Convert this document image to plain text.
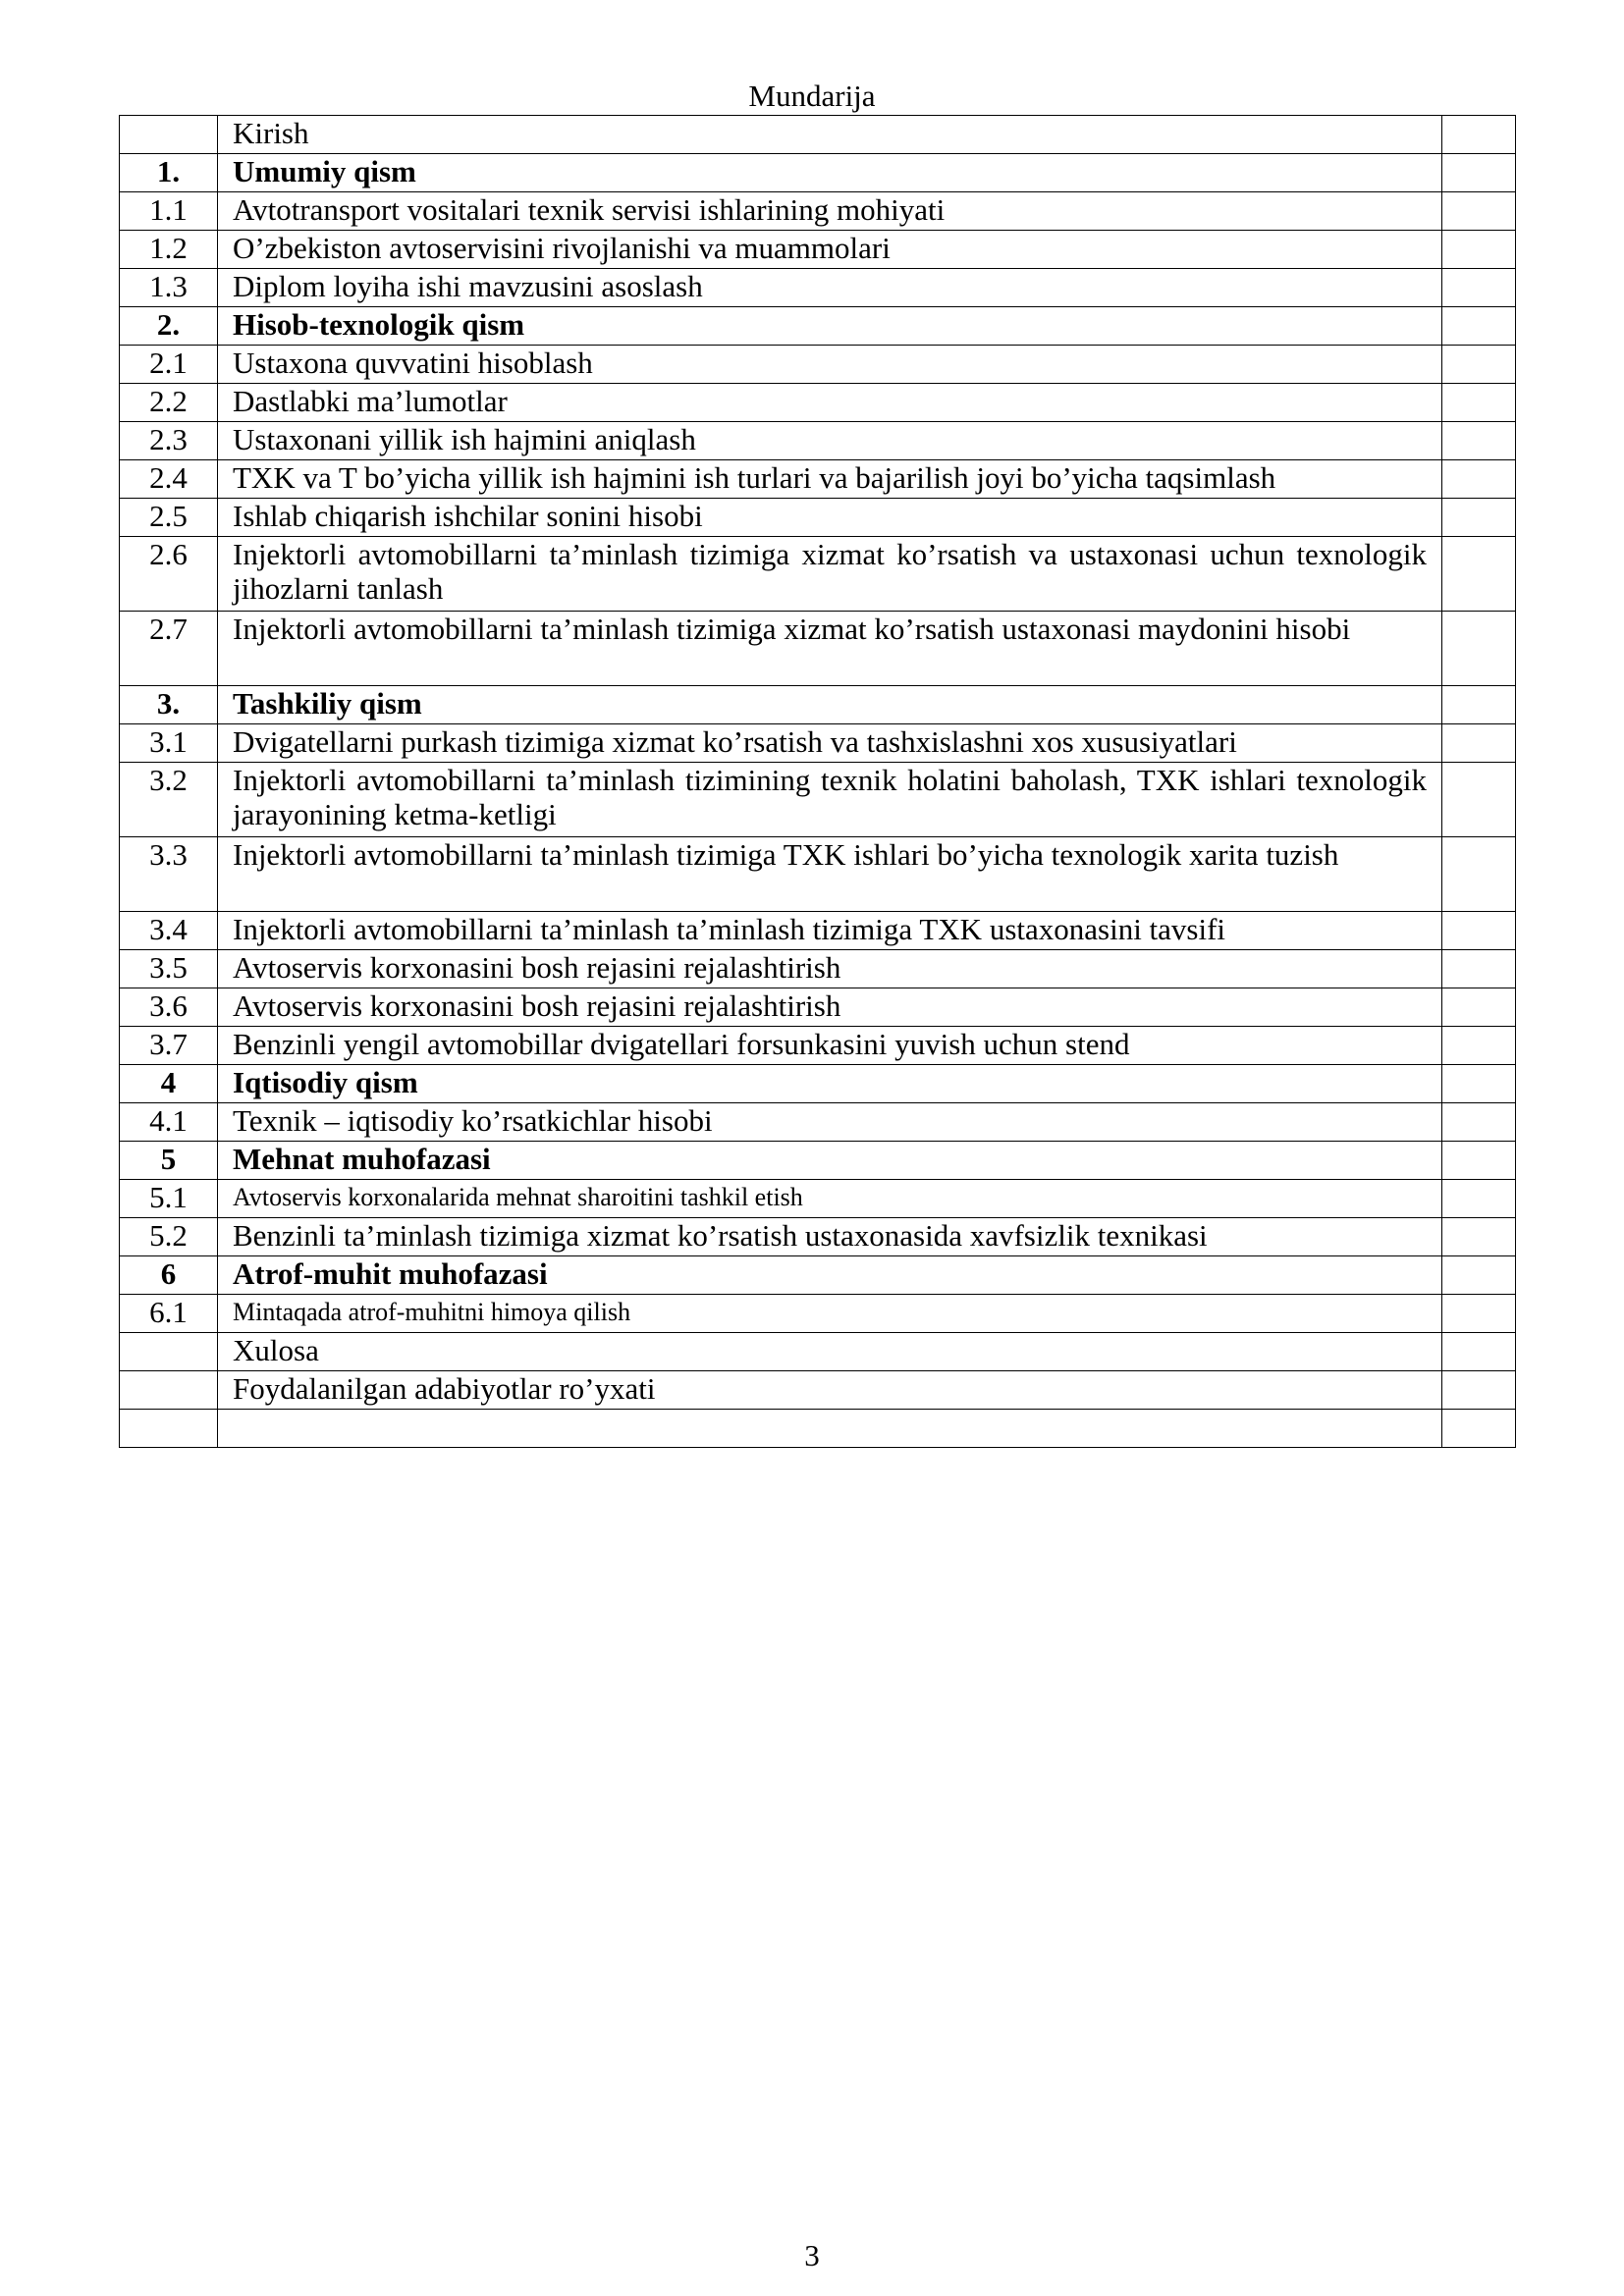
Mundarija
	Kirish	
1.	Umumiy qism	
1.1	Avtotransport vositalari texnik servisi ishlarining mohiyati	
1.2	O’zbekiston avtoservisini rivojlanishi va muammolari	
1.3	Diplom loyiha ishi mavzusini asoslash	
2.	Hisob-texnologik qism	
2.1	Ustaxona quvvatini hisoblash	
2.2	Dastlabki ma’lumotlar	
2.3	Ustaxonani yillik ish hajmini aniqlash	
2.4	TXK va T bo’yicha yillik ish hajmini ish turlari va bajarilish joyi bo’yicha taqsimlash	
2.5	Ishlab chiqarish ishchilar sonini hisobi	
2.6	Injektorli avtomobillarni ta’minlash tizimiga xizmat ko’rsatish va ustaxonasi uchun texnologik jihozlarni tanlash	
2.7	Injektorli avtomobillarni ta’minlash tizimiga xizmat ko’rsatish ustaxonasi maydonini hisobi	
3.	Tashkiliy qism	
3.1	Dvigatellarni purkash tizimiga xizmat ko’rsatish va tashxislashni xos xususiyatlari	
3.2	Injektorli avtomobillarni ta’minlash tizimining texnik holatini baholash, TXK ishlari texnologik jarayonining ketma-ketligi	
3.3	Injektorli avtomobillarni ta’minlash tizimiga TXK ishlari bo’yicha texnologik xarita tuzish	
3.4	Injektorli avtomobillarni ta’minlash ta’minlash tizimiga TXK ustaxonasini tavsifi	
3.5	Avtoservis korxonasini bosh rejasini rejalashtirish	
3.6	Avtoservis korxonasini bosh rejasini rejalashtirish	
3.7	Benzinli yengil avtomobillar dvigatellari forsunkasini yuvish uchun stend	
4	Iqtisodiy qism	
4.1	Texnik – iqtisodiy ko’rsatkichlar hisobi	
5	Mehnat muhofazasi	
5.1	Avtoservis korxonalarida mehnat sharoitini tashkil etish	
5.2	Benzinli ta’minlash tizimiga xizmat ko’rsatish ustaxonasida xavfsizlik texnikasi	
6	Atrof-muhit muhofazasi	
6.1	Mintaqada atrof-muhitni himoya qilish	
	Xulosa	
	Foydalanilgan adabiyotlar ro’yxati	

3
